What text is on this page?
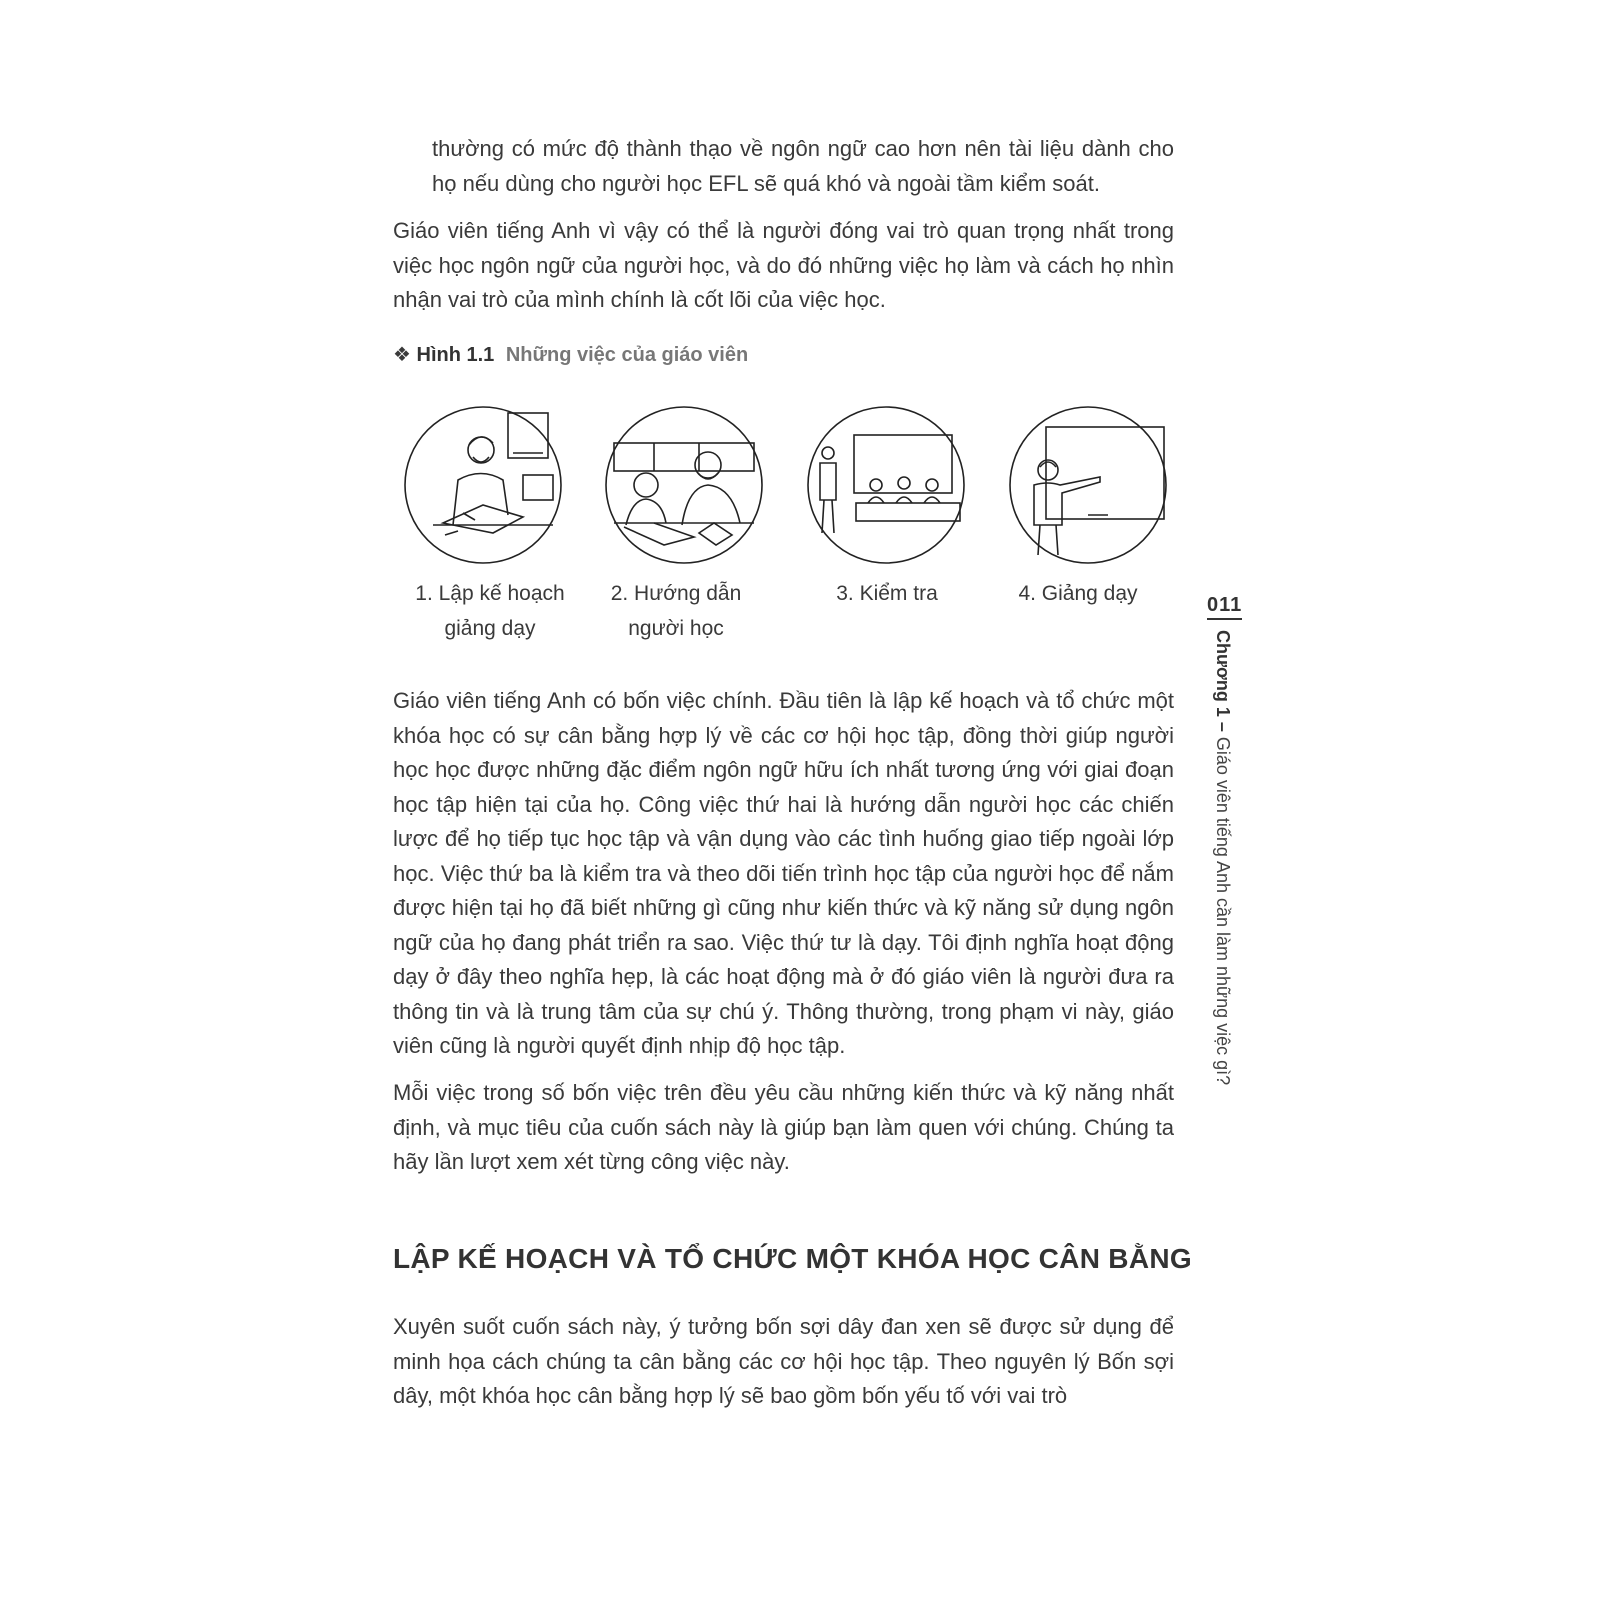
thường có mức độ thành thạo về ngôn ngữ cao hơn nên tài liệu dành cho họ nếu dùng cho người học EFL sẽ quá khó và ngoài tầm kiểm soát.

Giáo viên tiếng Anh vì vậy có thể là người đóng vai trò quan trọng nhất trong việc học ngôn ngữ của người học, và do đó những việc họ làm và cách họ nhìn nhận vai trò của mình chính là cốt lõi của việc học.

❖ Hình 1.1 Những việc của giáo viên
1. Lập kế hoạch
giảng dạy
2. Hướng dẫn
người học
3. Kiểm tra	4. Giảng dạy

Giáo viên tiếng Anh có bốn việc chính. Đầu tiên là lập kế hoạch và tổ chức một khóa học có sự cân bằng hợp lý về các cơ hội học tập, đồng thời giúp người học học được những đặc điểm ngôn ngữ hữu ích nhất tương ứng với giai đoạn học tập hiện tại của họ. Công việc thứ hai là hướng dẫn người học các chiến lược để họ tiếp tục học tập và vận dụng vào các tình huống giao tiếp ngoài lớp học. Việc thứ ba là kiểm tra và theo dõi tiến trình học tập của người học để nắm được hiện tại họ đã biết những gì cũng như kiến thức và kỹ năng sử dụng ngôn ngữ của họ đang phát triển ra sao. Việc thứ tư là dạy. Tôi định nghĩa hoạt động dạy ở đây theo nghĩa hẹp, là các hoạt động mà ở đó giáo viên là người đưa ra thông tin và là trung tâm của sự chú ý. Thông thường, trong phạm vi này, giáo viên cũng là người quyết định nhịp độ học tập.

Mỗi việc trong số bốn việc trên đều yêu cầu những kiến thức và kỹ năng nhất định, và mục tiêu của cuốn sách này là giúp bạn làm quen với chúng. Chúng ta hãy lần lượt xem xét từng công việc này.

LẬP KẾ HOẠCH VÀ TỔ CHỨC MỘT KHÓA HỌC CÂN BẰNG

Xuyên suốt cuốn sách này, ý tưởng bốn sợi dây đan xen sẽ được sử dụng để minh họa cách chúng ta cân bằng các cơ hội học tập. Theo nguyên lý Bốn sợi dây, một khóa học cân bằng hợp lý sẽ bao gồm bốn yếu tố với vai trò

011
Chương 1 – Giáo viên tiếng Anh cần làm những việc gì?
